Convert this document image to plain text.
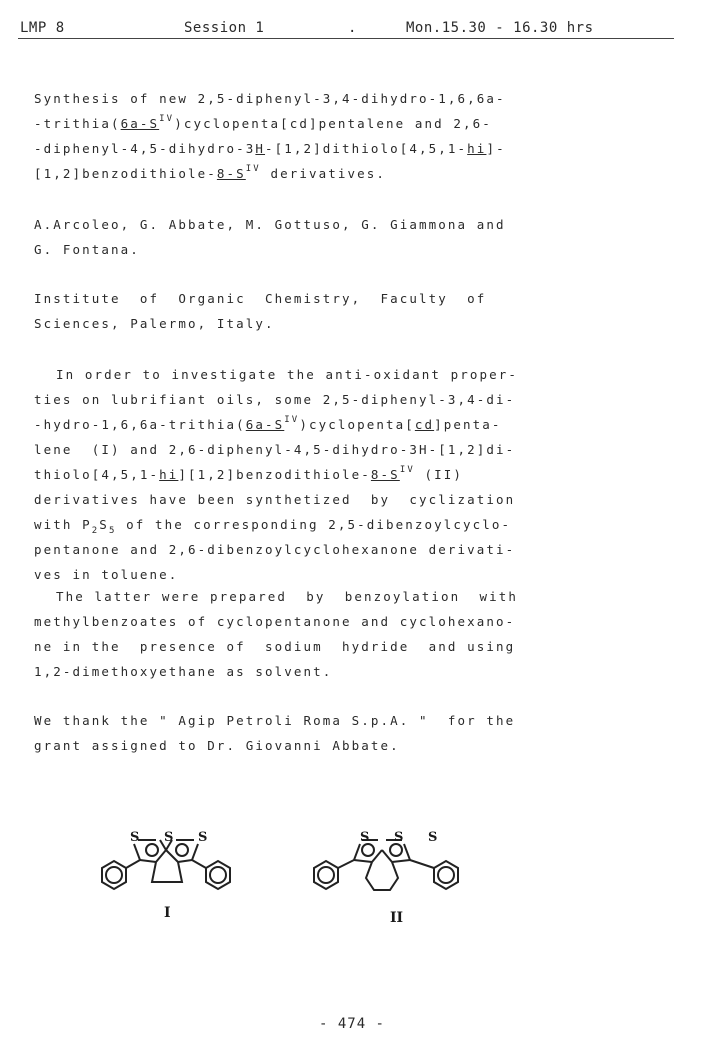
LMP 8	Session 1	.	Mon.15.30 - 16.30 hrs

Synthesis of new 2,5-diphenyl-3,4-dihydro-1,6,6a-
$-trithia(6a-S^{IV})cyclopenta[cd]pentalene$ and 2,6-
-diphenyl-4,5-dihydro-3H-[1,2]dithiolo[4,5,1-hi]-
$[1,2]benzodithiole-8-S^{IV}$ derivatives.

A.Arcoleo, G. Abbate, M. Gottuso, G. Giammona and
G. Fontana.

Institute  of  Organic  Chemistry,  Faculty  of
Sciences, Palermo, Italy.

In order to investigate the anti-oxidant proper-
ties on lubrifiant oils, some 2,5-diphenyl-3,4-di-
$-hydro-1,6,6a-trithia(6a-S^{IV})cyclopenta[cd]penta-$
lene  (I) and 2,6-diphenyl-4,5-dihydro-3H-[1,2]di-
$thiolo[4,5,1-hi][1,2]benzodithiole-8-S^{IV}$ (II)
derivatives have been synthetized  by  cyclization
with $P_2S_5$ of the corresponding 2,5-dibenzoylcyclo-
pentanone and 2,6-dibenzoylcyclohexanone derivati-
ves in toluene.

The latter were prepared  by  benzoylation  with
methylbenzoates of cyclopentanone and cyclohexano-
ne in the  presence of  sodium  hydride  and using
1,2-dimethoxyethane as solvent.

We thank the " Agip Petroli Roma S.p.A. "  for the
grant assigned to Dr. Giovanni Abbate.

S S S
I
S S S
II
- 474 -
